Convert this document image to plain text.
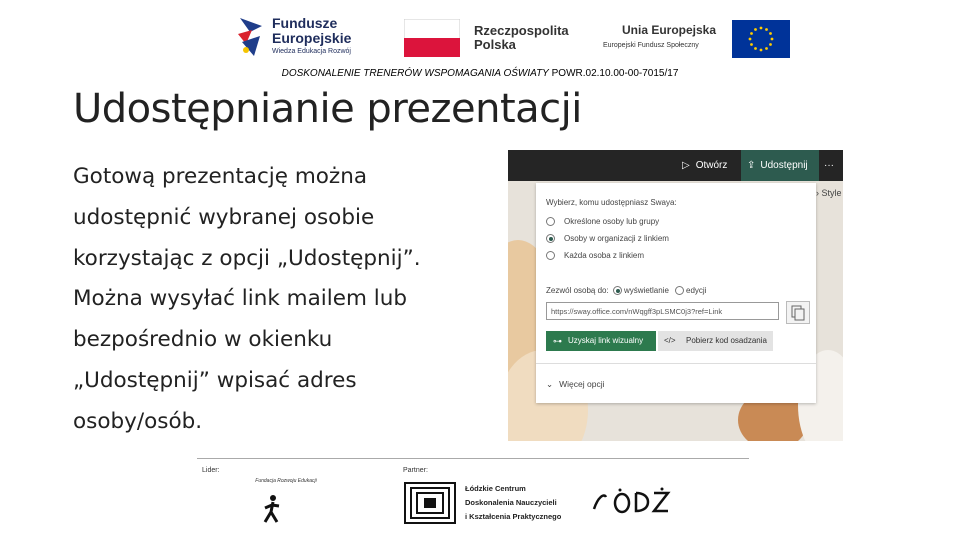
Fundusze
Europejskie
Wiedza Edukacja Rozwój
Rzeczpospolita
Polska
Unia Europejska
Europejski Fundusz Społeczny
DOSKONALENIE TRENERÓW WSPOMAGANIA OŚWIATY POWR.02.10.00-00-7015/17
Udostępnianie prezentacji
Gotową prezentację można
udostępnić wybranej osobie
korzystając z opcji „Udostępnij”.
Można wysyłać link mailem lub
bezpośrednio w okienku
„Udostępnij” wpisać adres
osoby/osób.
▷ Otwórz ⇪ Udostępnij ···
› Style
Wybierz, komu udostępniasz Swaya:
Określone osoby lub grupy
Osoby w organizacji z linkiem
Każda osoba z linkiem
Zezwól osobą do: wyświetlanie edycji
https://sway.office.com/nWqgff3pLSMC0j3?ref=Link
⊶ Uzyskaj link wizualny	</> Pobierz kod osadzania
⌄ Więcej opcji
Lider:	Partner:
Fundacja Rozwoju Edukacji
Łódzkie Centrum
Doskonalenia Nauczycieli
i Kształcenia Praktycznego
